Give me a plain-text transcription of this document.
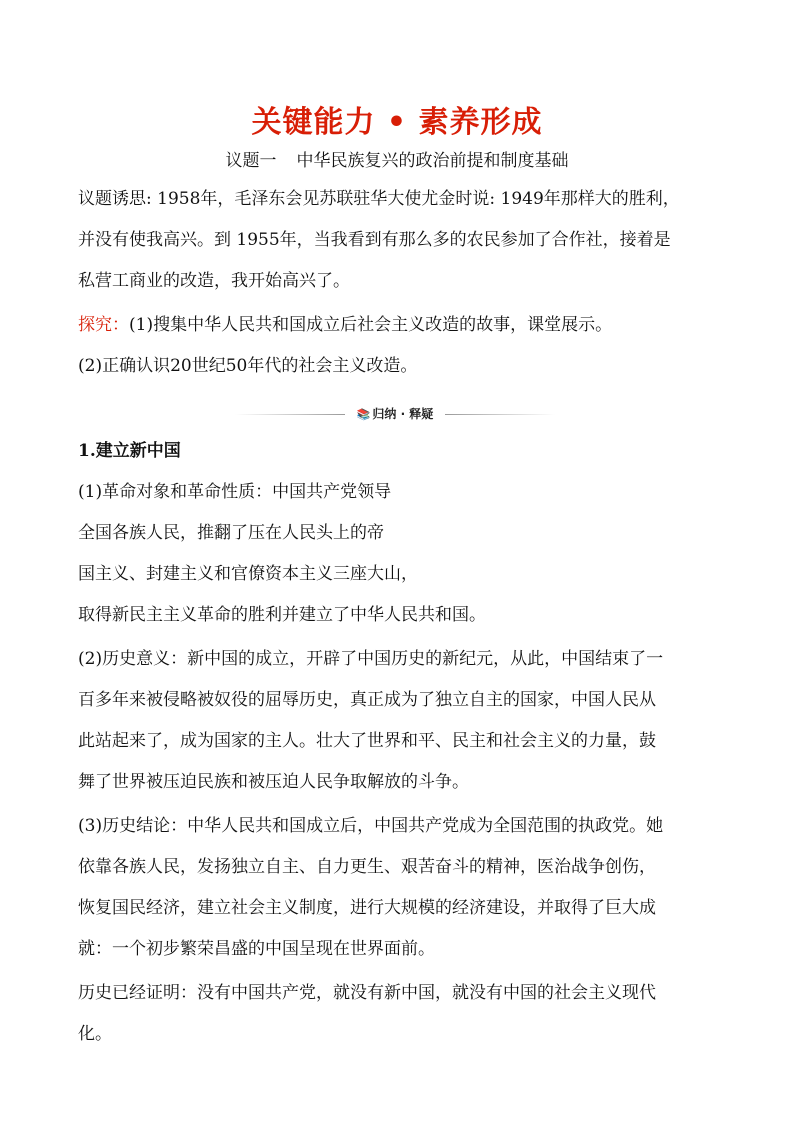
关键能力 • 素养形成
议题一 中华民族复兴的政治前提和制度基础
议题诱思: 1958年，毛泽东会见苏联驻华大使尤金时说: 1949年那样大的胜利，
并没有使我高兴。到 1955年，当我看到有那么多的农民参加了合作社，接着是
私营工商业的改造，我开始高兴了。
探究：(1)搜集中华人民共和国成立后社会主义改造的故事，课堂展示。
(2)正确认识20世纪50年代的社会主义改造。
📚 归纳 · 释疑
1.建立新中国
(1)革命对象和革命性质：中国共产党领导
全国各族人民，推翻了压在人民头上的帝
国主义、封建主义和官僚资本主义三座大山，
取得新民主主义革命的胜利并建立了中华人民共和国。
(2)历史意义：新中国的成立，开辟了中国历史的新纪元，从此，中国结束了一
百多年来被侵略被奴役的屈辱历史，真正成为了独立自主的国家，中国人民从
此站起来了，成为国家的主人。壮大了世界和平、民主和社会主义的力量，鼓
舞了世界被压迫民族和被压迫人民争取解放的斗争。
(3)历史结论：中华人民共和国成立后，中国共产党成为全国范围的执政党。她
依靠各族人民，发扬独立自主、自力更生、艰苦奋斗的精神，医治战争创伤，
恢复国民经济，建立社会主义制度，进行大规模的经济建设，并取得了巨大成
就：一个初步繁荣昌盛的中国呈现在世界面前。
历史已经证明：没有中国共产党，就没有新中国，就没有中国的社会主义现代
化。
